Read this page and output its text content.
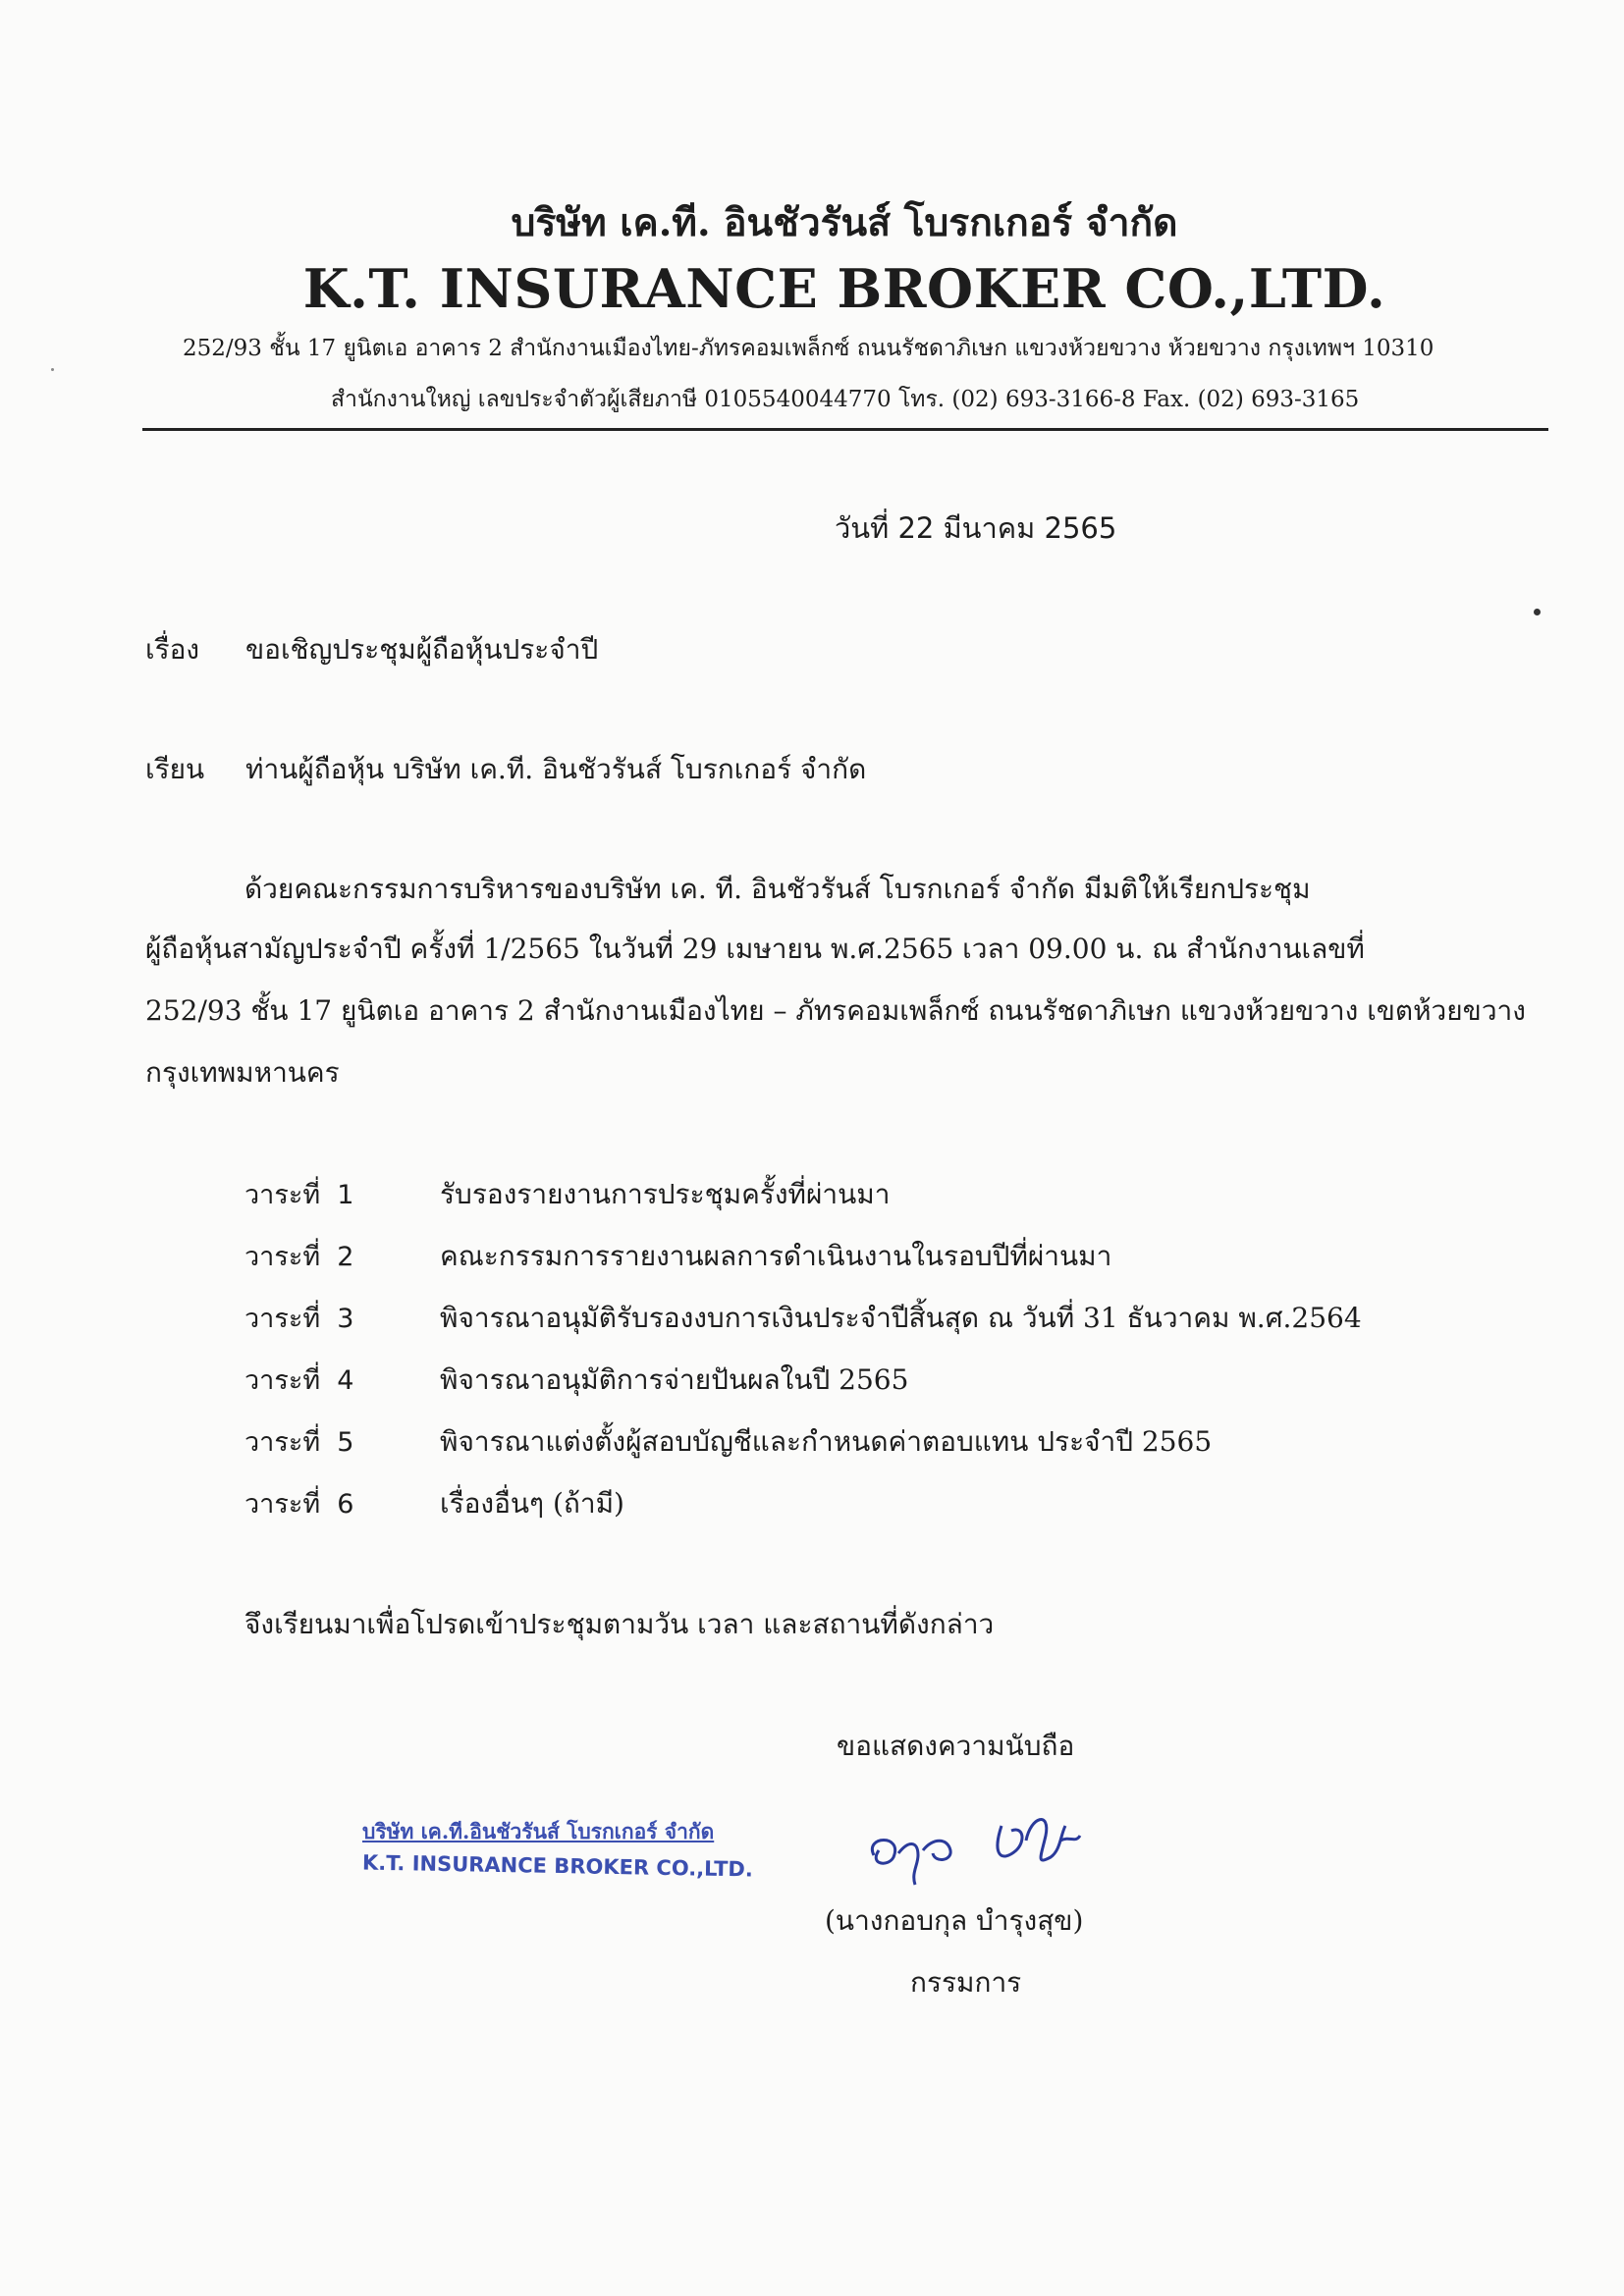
บริษัท เค.ที. อินชัวรันส์ โบรกเกอร์ จำกัด
K.T. INSURANCE BROKER CO.,LTD.
252/93 ชั้น 17 ยูนิตเอ อาคาร 2 สำนักงานเมืองไทย-ภัทรคอมเพล็กซ์ ถนนรัชดาภิเษก แขวงห้วยขวาง ห้วยขวาง กรุงเทพฯ 10310
สำนักงานใหญ่ เลขประจำตัวผู้เสียภาษี 0105540044770 โทร. (02) 693-3166-8 Fax. (02) 693-3165
วันที่ 22 มีนาคม 2565
เรื่อง ขอเชิญประชุมผู้ถือหุ้นประจำปี
เรียน ท่านผู้ถือหุ้น บริษัท เค.ที. อินชัวรันส์ โบรกเกอร์ จำกัด
ด้วยคณะกรรมการบริหารของบริษัท เค. ที. อินชัวรันส์ โบรกเกอร์ จำกัด มีมติให้เรียกประชุม
ผู้ถือหุ้นสามัญประจำปี ครั้งที่ 1/2565 ในวันที่ 29 เมษายน พ.ศ.2565 เวลา 09.00 น. ณ สำนักงานเลขที่
252/93 ชั้น 17 ยูนิตเอ อาคาร 2 สำนักงานเมืองไทย – ภัทรคอมเพล็กซ์ ถนนรัชดาภิเษก แขวงห้วยขวาง เขตห้วยขวาง
กรุงเทพมหานคร
วาระที่ 1	รับรองรายงานการประชุมครั้งที่ผ่านมา
วาระที่ 2	คณะกรรมการรายงานผลการดำเนินงานในรอบปีที่ผ่านมา
วาระที่ 3	พิจารณาอนุมัติรับรองงบการเงินประจำปีสิ้นสุด ณ วันที่ 31 ธันวาคม พ.ศ.2564
วาระที่ 4	พิจารณาอนุมัติการจ่ายปันผลในปี 2565
วาระที่ 5	พิจารณาแต่งตั้งผู้สอบบัญชีและกำหนดค่าตอบแทน ประจำปี 2565
วาระที่ 6	เรื่องอื่นๆ (ถ้ามี)
จึงเรียนมาเพื่อโปรดเข้าประชุมตามวัน เวลา และสถานที่ดังกล่าว
ขอแสดงความนับถือ
บริษัท เค.ที.อินชัวรันส์ โบรกเกอร์ จำกัด
K.T. INSURANCE BROKER CO.,LTD.
(นางกอบกุล บำรุงสุข)
กรรมการ
